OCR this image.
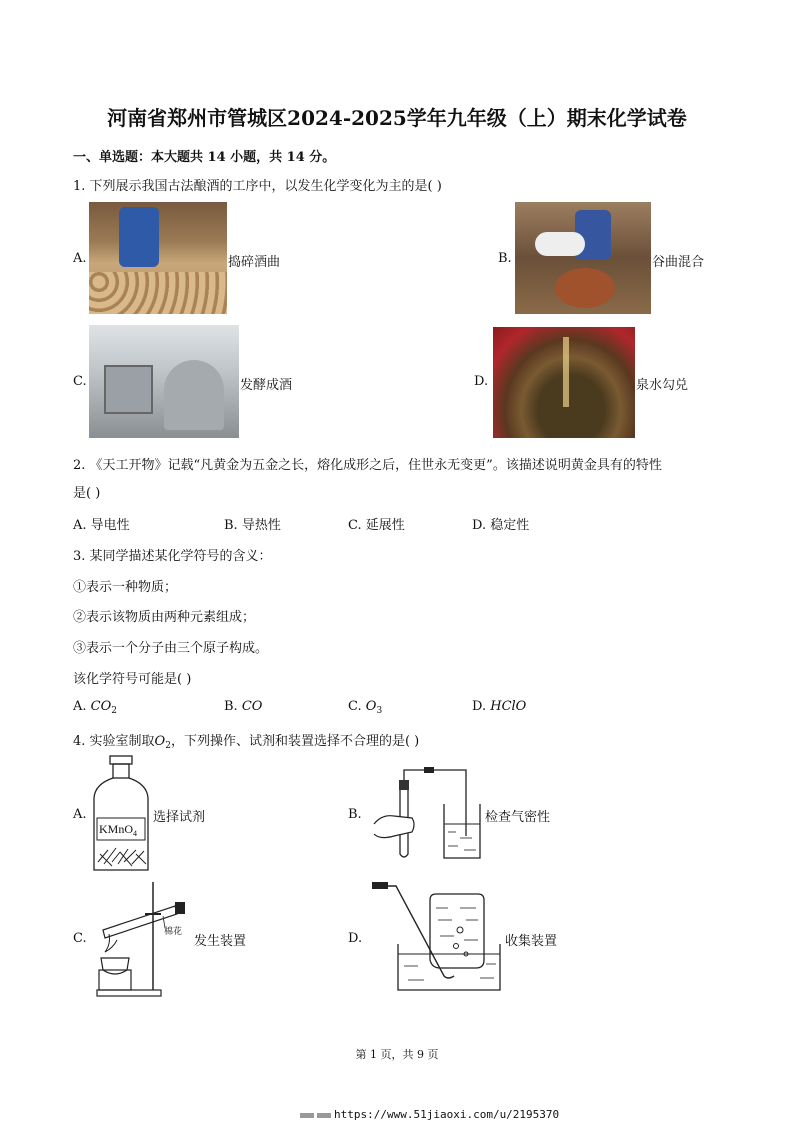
河南省郑州市管城区2024-2025学年九年级（上）期末化学试卷
一、单选题：本大题共 14 小题，共 14 分。
1. 下列展示我国古法酿酒的工序中，以发生化学变化为主的是( )
A.	捣碎酒曲	B.	谷曲混合
C.	发酵成酒	D.	泉水勾兑
2. 《天工开物》记载“凡黄金为五金之长，熔化成形之后，住世永无变更”。该描述说明黄金具有的特性
是( )
A. 导电性	B. 导热性	C. 延展性	D. 稳定性
3. 某同学描述某化学符号的含义：
①表示一种物质；
②表示该物质由两种元素组成；
③表示一个分子由三个原子构成。
该化学符号可能是( )
A. $CO_2$	B. CO	C. $O_3$	D. HClO
4. 实验室制取$O_2$，下列操作、试剂和装置选择不合理的是( )
A.
KMnO$_4$
选择试剂	B.	检查气密性
C.	棉花
发生装置	D.	收集装置
第 1 页，共 9 页
https://www.51jiaoxi.com/u/2195370
